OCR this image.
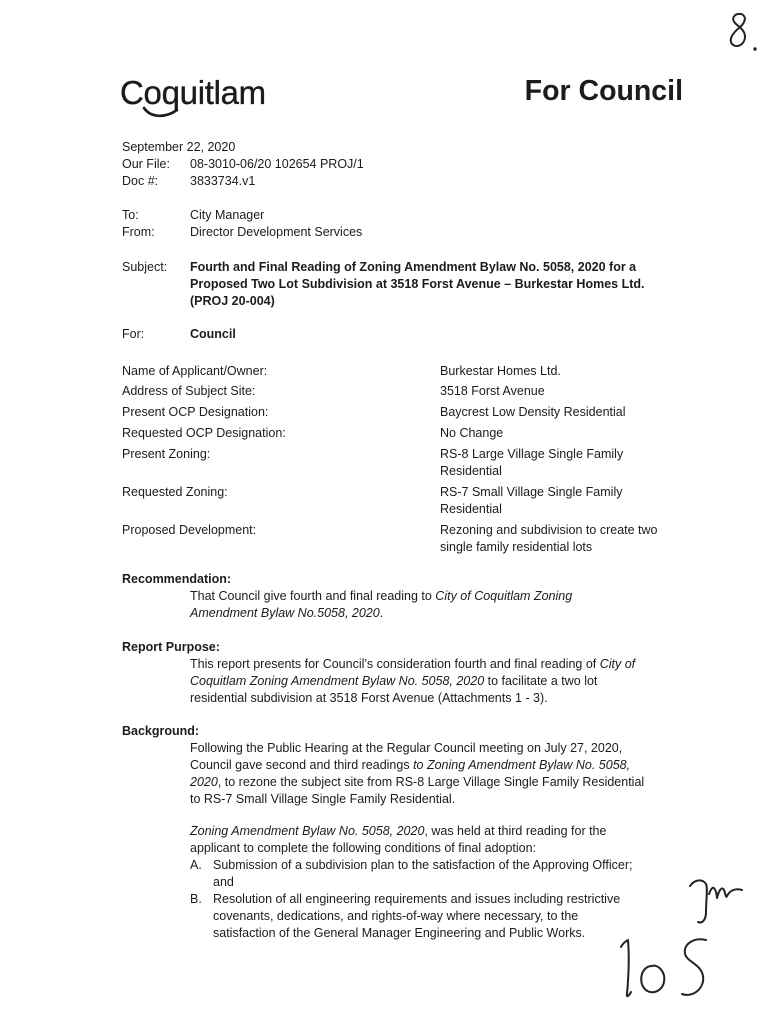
Coquitlam	For Council
September 22, 2020
Our File: 08-3010-06/20 102654 PROJ/1
Doc #:	3833734.v1
To:	City Manager
From:	Director Development Services
Subject: Fourth and Final Reading of Zoning Amendment Bylaw No. 5058, 2020 for a
Proposed Two Lot Subdivision at 3518 Forst Avenue – Burkestar Homes Ltd.
(PROJ 20-004)
For:	Council
Name of Applicant/Owner:	Burkestar Homes Ltd.
Address of Subject Site:	3518 Forst Avenue
Present OCP Designation:	Baycrest Low Density Residential
Requested OCP Designation:	No Change
Present Zoning:	RS-8 Large Village Single Family
Residential
Requested Zoning:	RS-7 Small Village Single Family
Residential
Proposed Development:	Rezoning and subdivision to create two
single family residential lots
Recommendation:
That Council give fourth and final reading to City of Coquitlam Zoning
Amendment Bylaw No.5058, 2020.
Report Purpose:
This report presents for Council’s consideration fourth and final reading of City of
Coquitlam Zoning Amendment Bylaw No. 5058, 2020 to facilitate a two lot
residential subdivision at 3518 Forst Avenue (Attachments 1 - 3).
Background:
Following the Public Hearing at the Regular Council meeting on July 27, 2020,
Council gave second and third readings to Zoning Amendment Bylaw No. 5058,
2020, to rezone the subject site from RS-8 Large Village Single Family Residential
to RS-7 Small Village Single Family Residential.
Zoning Amendment Bylaw No. 5058, 2020, was held at third reading for the
applicant to complete the following conditions of final adoption:
A. Submission of a subdivision plan to the satisfaction of the Approving Officer;
and
B. Resolution of all engineering requirements and issues including restrictive
covenants, dedications, and rights-of-way where necessary, to the
satisfaction of the General Manager Engineering and Public Works.
